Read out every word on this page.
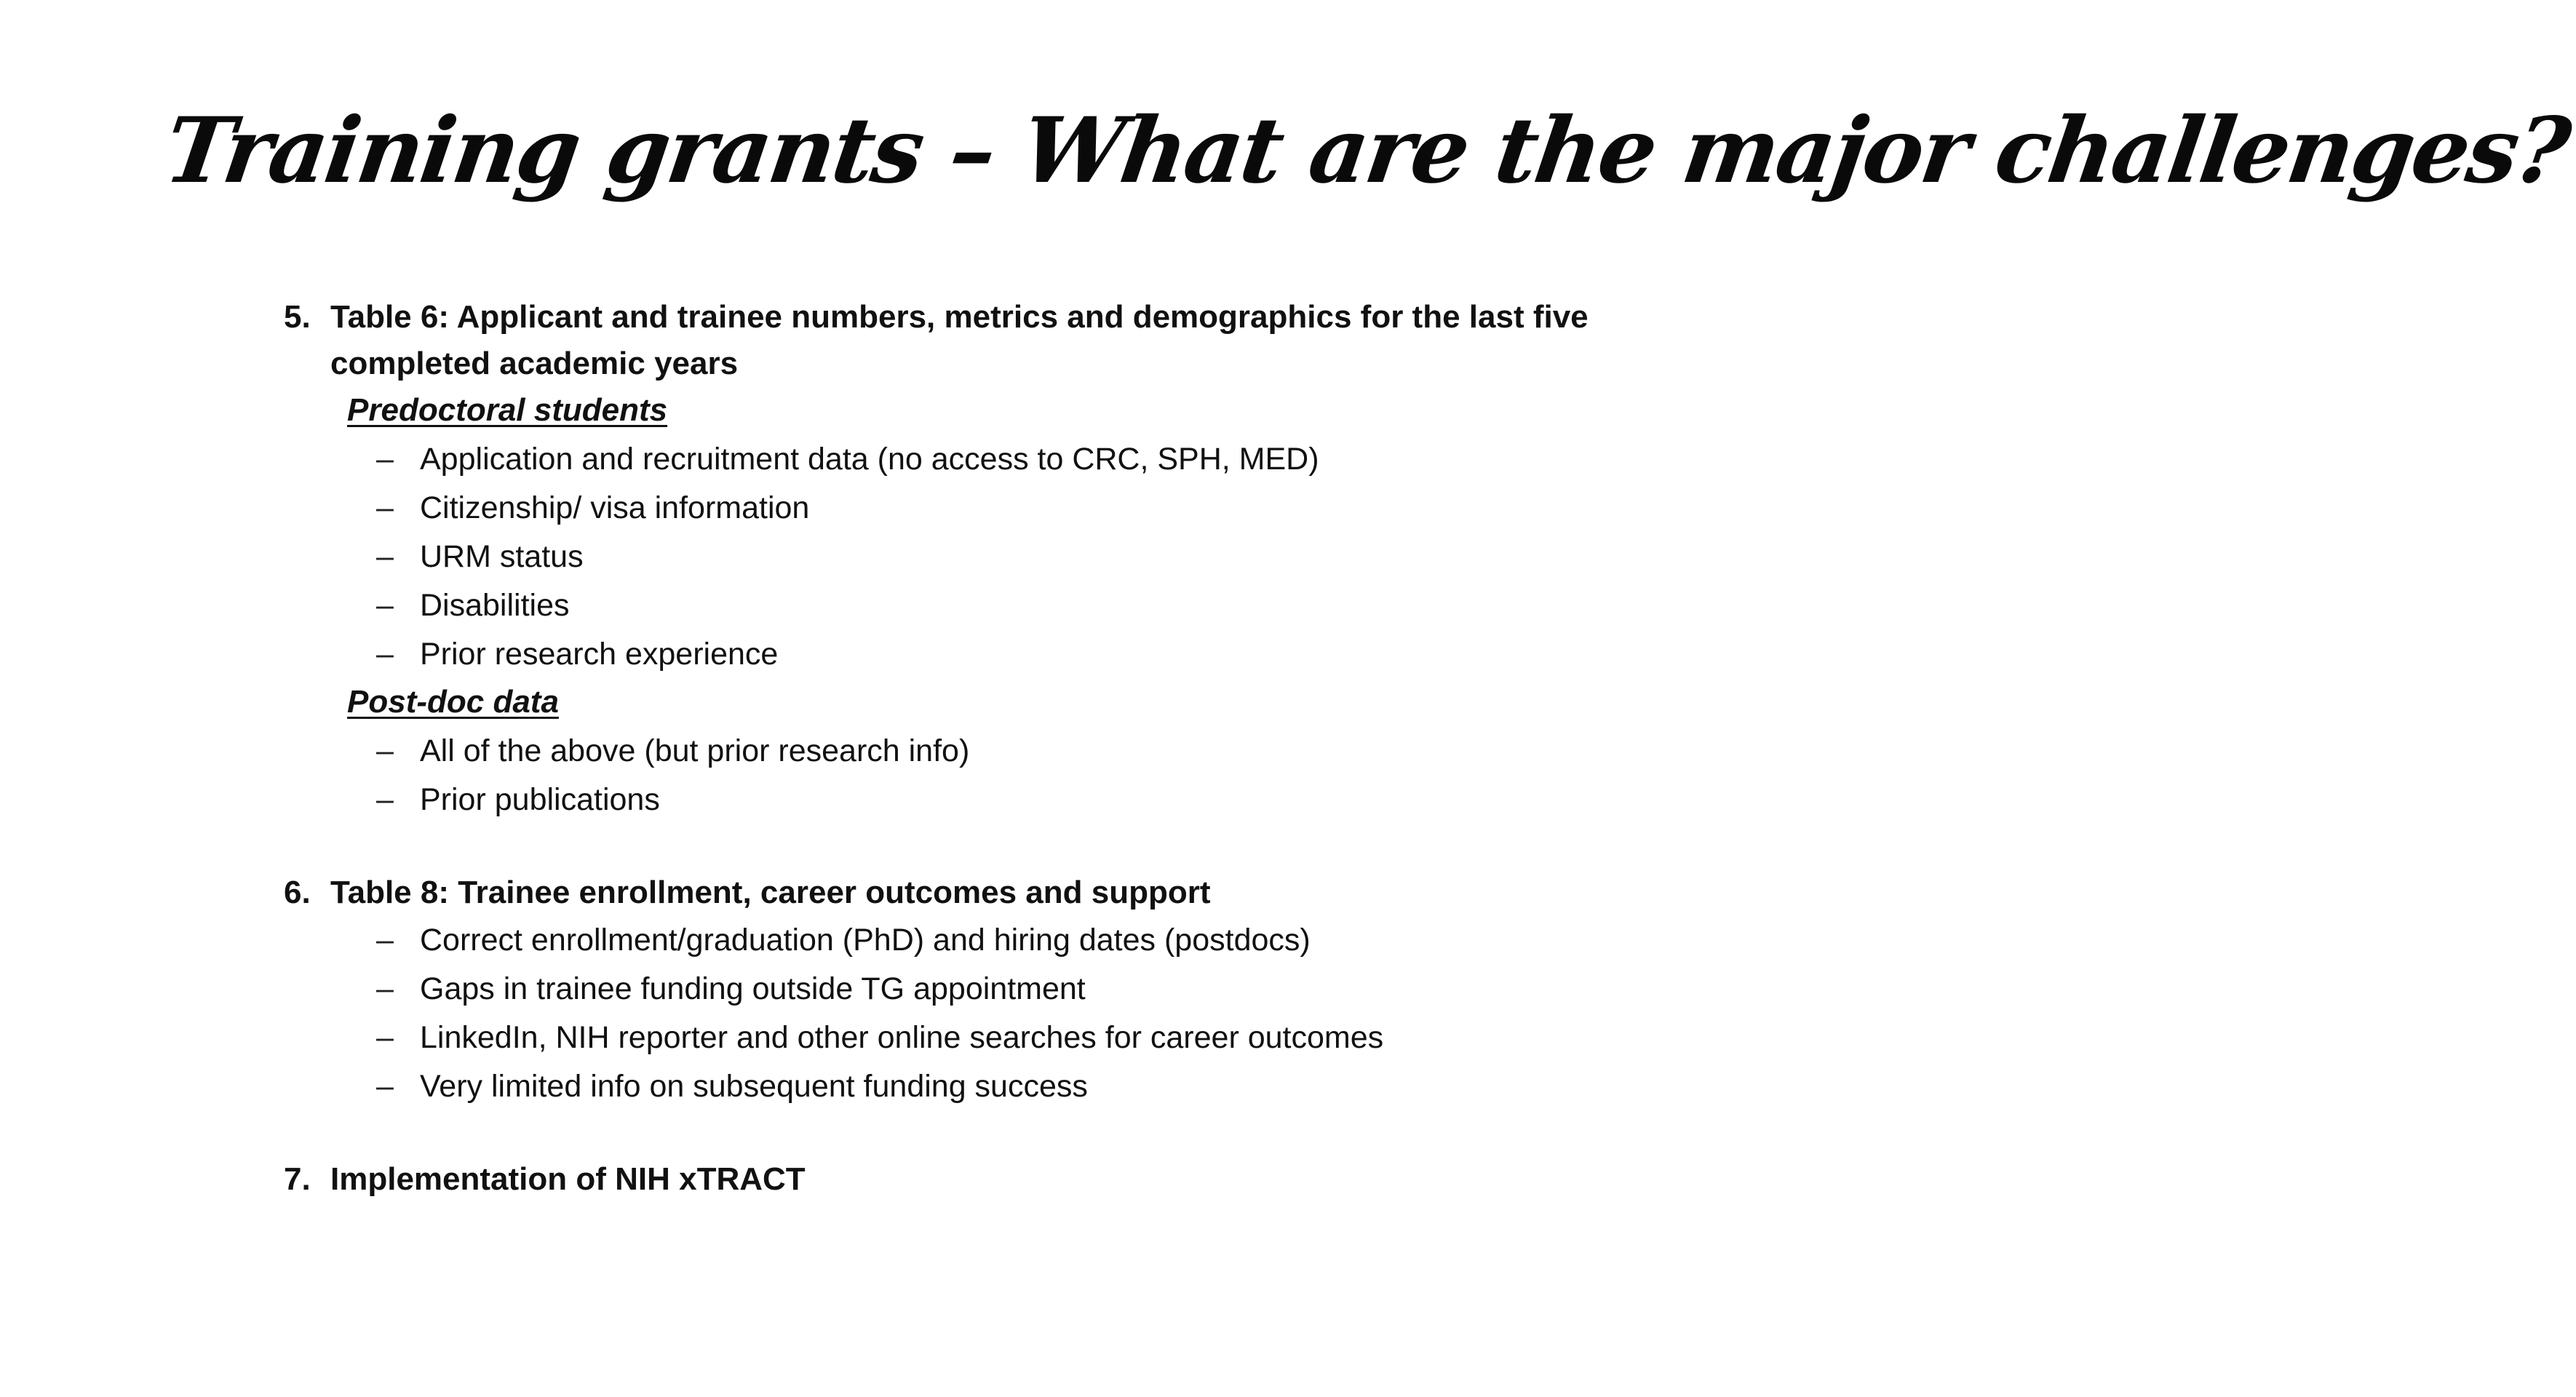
Training grants – What are the major challenges?

5. Table 6: Applicant and trainee numbers, metrics and demographics for the last five completed academic years

Predoctoral students

– Application and recruitment data (no access to CRC, SPH, MED)
– Citizenship/ visa information
– URM status
– Disabilities
– Prior research experience

Post-doc data

– All of the above (but prior research info)
– Prior publications

6. Table 8: Trainee enrollment, career outcomes and support

– Correct enrollment/graduation (PhD) and hiring dates (postdocs)
– Gaps in trainee funding outside TG appointment
– LinkedIn, NIH reporter and other online searches for career outcomes
– Very limited info on subsequent funding success

7. Implementation of NIH xTRACT
